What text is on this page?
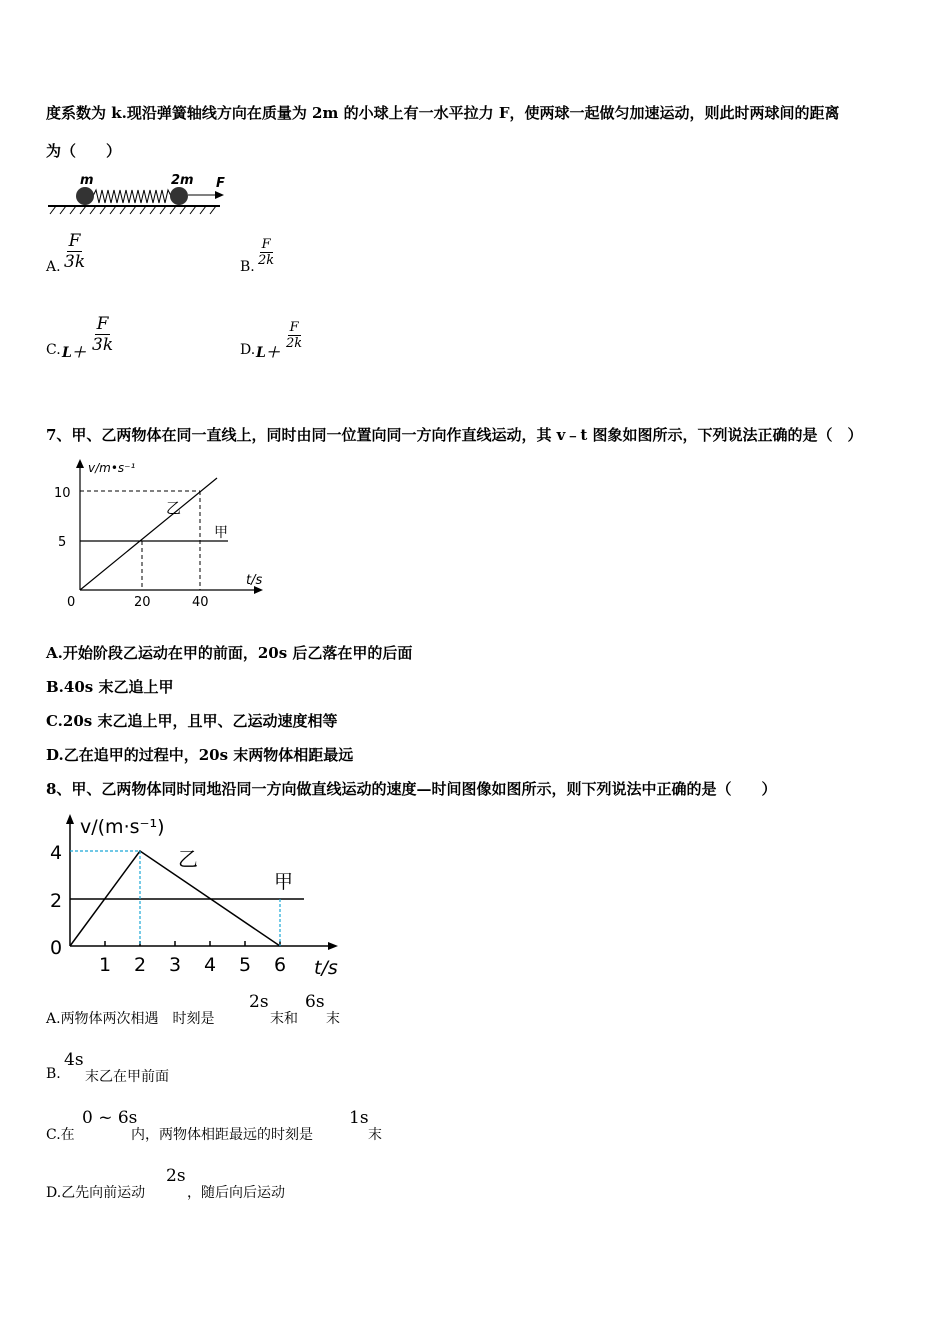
度系数为 k.现沿弹簧轴线方向在质量为 2m 的小球上有一水平拉力 F，使两球一起做匀加速运动，则此时两球间的距离
为（　　）
m	2m F
A. $\frac{F}{3k}$	B. $\frac{F}{2k}$
C. $L+ \frac{F}{3k}$	D. L＋
$\frac{F}{2k}$
7、甲、乙两物体在同一直线上，同时由同一位置向同一方向作直线运动，其 v﹣t 图象如图所示，下列说法正确的是（　）
v/m•s⁻¹
t/s
10
5
0	20	40
乙
甲
A.开始阶段乙运动在甲的前面，20s 后乙落在甲的后面
B.40s 末乙追上甲
C.20s 末乙追上甲，且甲、乙运动速度相等
D.乙在追甲的过程中，20s 末两物体相距最远
8、甲、乙两物体同时同地沿同一方向做直线运动的速度—时间图像如图所示，则下列说法中正确的是（　　）
v/(m·s⁻¹)
t/s
4
2
0
1 2 3 4 5 6
乙
甲
A.两物体两次相遇　时刻是
2s
末和
6s
末
B.
4s
末乙在甲前面
C.在
0 ~ 6s
内，两物体相距最远的时刻是
1s
末
D.乙先向前运动
2s
，随后向后运动
